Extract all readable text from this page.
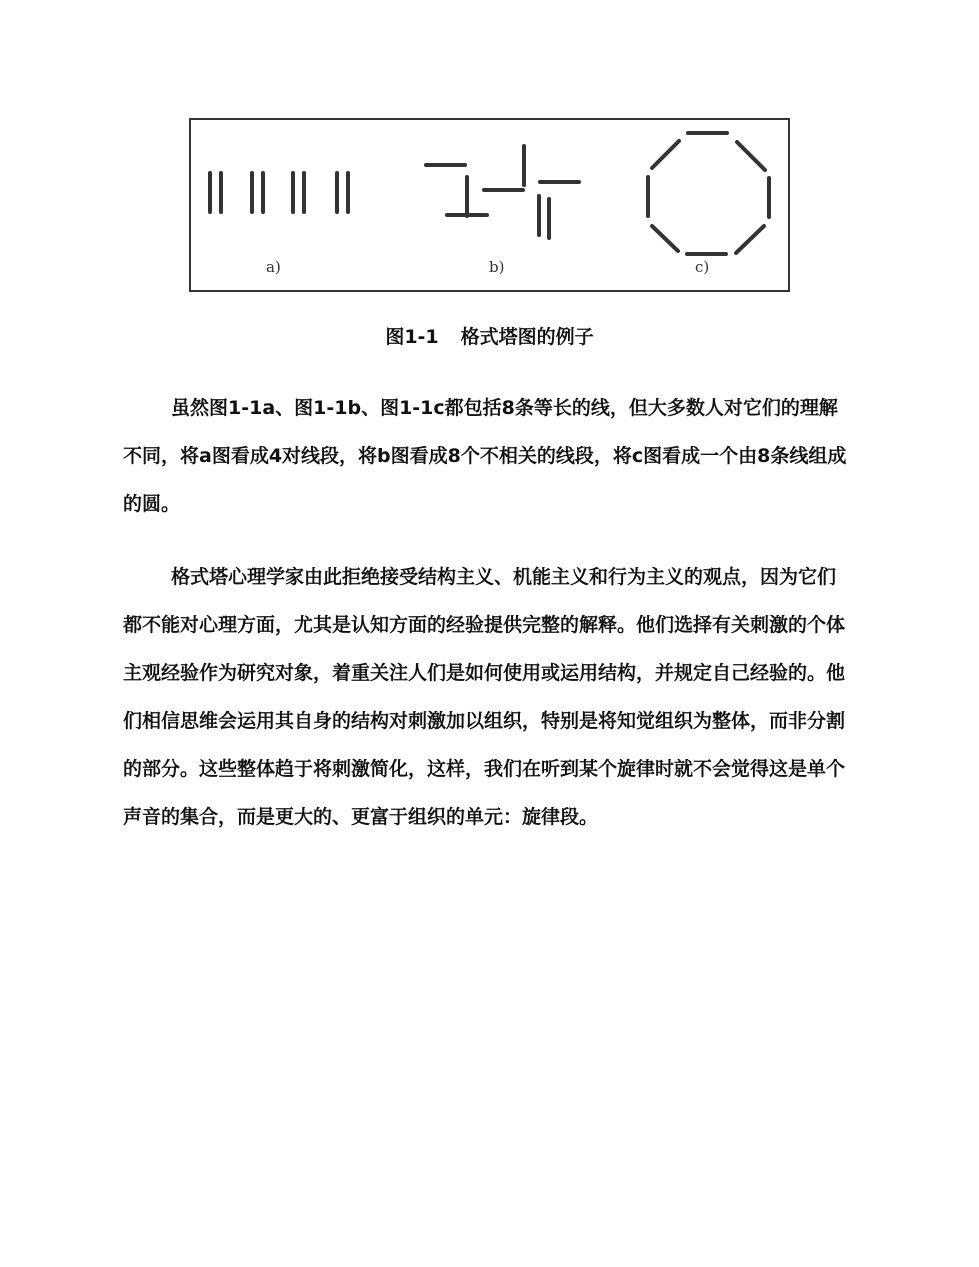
a)	b)	c)
图1-1 格式塔图的例子

虽然图1-1a、图1-1b、图1-1c都包括8条等长的线，但大多数人对它们的理解不同，将a图看成4对线段，将b图看成8个不相关的线段，将c图看成一个由8条线组成的圆。

格式塔心理学家由此拒绝接受结构主义、机能主义和行为主义的观点，因为它们都不能对心理方面，尤其是认知方面的经验提供完整的解释。他们选择有关刺激的个体主观经验作为研究对象，着重关注人们是如何使用或运用结构，并规定自己经验的。他们相信思维会运用其自身的结构对刺激加以组织，特别是将知觉组织为整体，而非分割的部分。这些整体趋于将刺激简化，这样，我们在听到某个旋律时就不会觉得这是单个声音的集合，而是更大的、更富于组织的单元：旋律段。
